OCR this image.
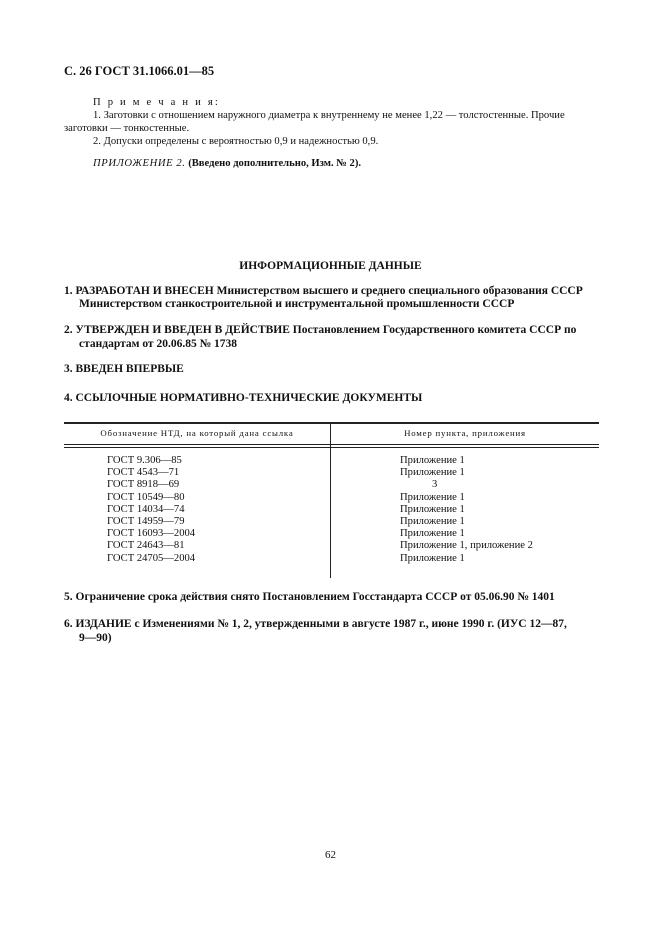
С. 26 ГОСТ 31.1066.01—85
П р и м е ч а н и я:
1. Заготовки с отношением наружного диаметра к внутреннему не менее 1,22 — толстостенные. Прочие
заготовки — тонкостенные.
2. Допуски определены с вероятностью 0,9 и надежностью 0,9.
ПРИЛОЖЕНИЕ 2. (Введено дополнительно, Изм. № 2).
ИНФОРМАЦИОННЫЕ ДАННЫЕ
1. РАЗРАБОТАН И ВНЕСЕН Министерством высшего и среднего специального образования СССР
Министерством станкостроительной и инструментальной промышленности СССР
2. УТВЕРЖДЕН И ВВЕДЕН В ДЕЙСТВИЕ Постановлением Государственного комитета СССР по
стандартам от 20.06.85 № 1738
3. ВВЕДЕН ВПЕРВЫЕ
4. ССЫЛОЧНЫЕ НОРМАТИВНО-ТЕХНИЧЕСКИЕ ДОКУМЕНТЫ
Обозначение НТД, на который дана ссылка	Номер пункта, приложения
ГОСТ 9.306—85
ГОСТ 4543—71
ГОСТ 8918—69
ГОСТ 10549—80
ГОСТ 14034—74
ГОСТ 14959—79
ГОСТ 16093—2004
ГОСТ 24643—81
ГОСТ 24705—2004
Приложение 1
Приложение 1
3
Приложение 1
Приложение 1
Приложение 1
Приложение 1
Приложение 1, приложение 2
Приложение 1
5. Ограничение срока действия снято Постановлением Госстандарта СССР от 05.06.90 № 1401
6. ИЗДАНИЕ с Изменениями № 1, 2, утвержденными в августе 1987 г., июне 1990 г. (ИУС 12—87,
9—90)
62
